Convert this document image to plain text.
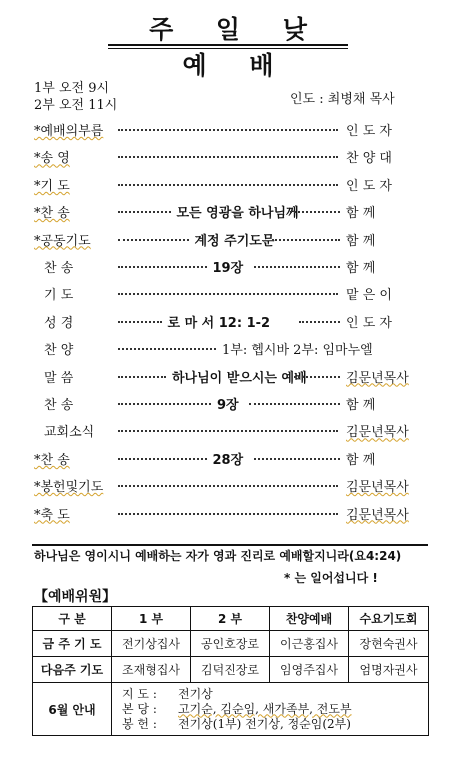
주 일 낮 예 배
1부 오전 9시
2부 오전 11시	인도 : 최병채 목사
*예배의부름	인 도 자
*송 영	찬 양 대
*기 도	인 도 자
*찬 송	모든 영광을 하나님께	함 께
*공동기도	계정 주기도문	함 께
찬 송	19장	함 께
기 도	맡 은 이
성 경	로 마 서 12: 1-2	인 도 자
찬 양	1부: 헵시바 2부: 임마누엘
말 씀	하나님이 받으시는 예배	김문년목사
찬 송	9장	함 께
교회소식	김문년목사
*찬 송	28장	함 께
*봉헌및기도	김문년목사
*축 도	김문년목사
하나님은 영이시니 예배하는 자가 영과 진리로 예배할지니라(요4:24)
* 는 일어섭니다 !
【예배위원】
구 분	1 부	2 부	찬양예배	수요기도회
금 주 기 도	전기상집사	공인호장로	이근홍집사	장현숙권사
다음주 기도	조재형집사	김덕진장로	임영주집사	엄명자권사
6월 안내	지 도 : 전기상
본 당 : 고기순, 김순임, 새가족부, 전도부
봉 헌 : 전기상(1부) 전기상, 정순임(2부)			
